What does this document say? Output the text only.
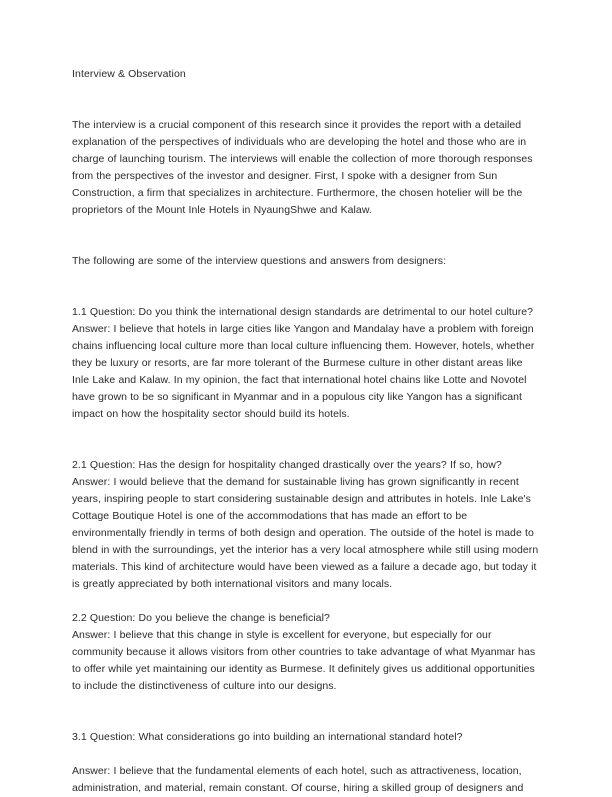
Interview & Observation

The interview is a crucial component of this research since it provides the report with a detailed explanation of the perspectives of individuals who are developing the hotel and those who are in charge of launching tourism. The interviews will enable the collection of more thorough responses from the perspectives of the investor and designer. First, I spoke with a designer from Sun Construction, a firm that specializes in architecture. Furthermore, the chosen hotelier will be the proprietors of the Mount Inle Hotels in NyaungShwe and Kalaw.

The following are some of the interview questions and answers from designers:

1.1 Question: Do you think the international design standards are detrimental to our hotel culture?

Answer: I believe that hotels in large cities like Yangon and Mandalay have a problem with foreign chains influencing local culture more than local culture influencing them. However, hotels, whether they be luxury or resorts, are far more tolerant of the Burmese culture in other distant areas like Inle Lake and Kalaw. In my opinion, the fact that international hotel chains like Lotte and Novotel have grown to be so significant in Myanmar and in a populous city like Yangon has a significant impact on how the hospitality sector should build its hotels.

2.1 Question: Has the design for hospitality changed drastically over the years? If so, how?

Answer: I would believe that the demand for sustainable living has grown significantly in recent years, inspiring people to start considering sustainable design and attributes in hotels. Inle Lake's Cottage Boutique Hotel is one of the accommodations that has made an effort to be environmentally friendly in terms of both design and operation. The outside of the hotel is made to blend in with the surroundings, yet the interior has a very local atmosphere while still using modern materials. This kind of architecture would have been viewed as a failure a decade ago, but today it is greatly appreciated by both international visitors and many locals.

2.2 Question: Do you believe the change is beneficial?

Answer: I believe that this change in style is excellent for everyone, but especially for our community because it allows visitors from other countries to take advantage of what Myanmar has to offer while yet maintaining our identity as Burmese. It definitely gives us additional opportunities to include the distinctiveness of culture into our designs.

3.1 Question: What considerations go into building an international standard hotel?

Answer: I believe that the fundamental elements of each hotel, such as attractiveness, location, administration, and material, remain constant. Of course, hiring a skilled group of designers and
